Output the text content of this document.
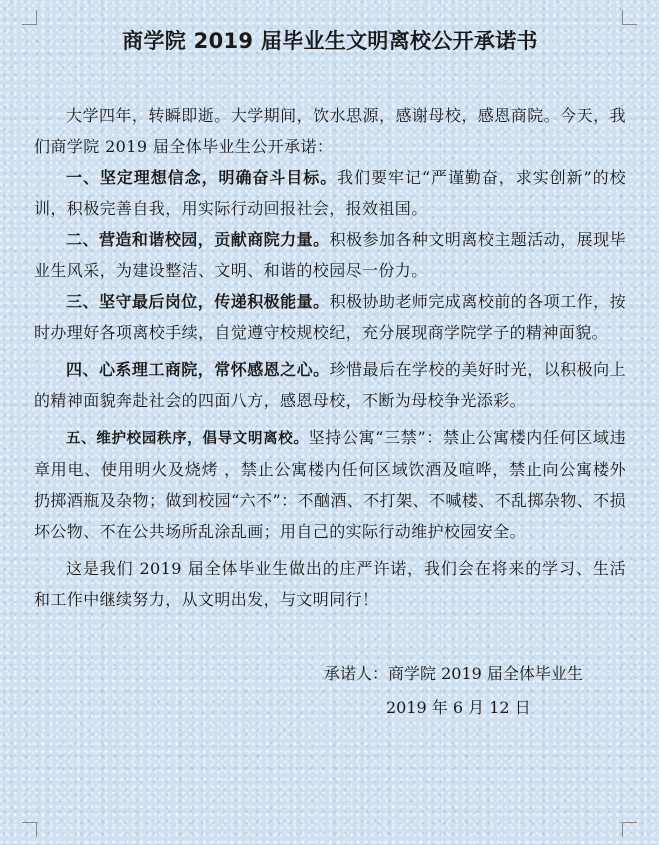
商学院 2019 届毕业生文明离校公开承诺书

大学四年，转瞬即逝。大学期间，饮水思源，感谢母校，感恩商院。今天，我们商学院 2019 届全体毕业生公开承诺：

一、坚定理想信念，明确奋斗目标。我们要牢记“严谨勤奋，求实创新”的校训，积极完善自我，用实际行动回报社会，报效祖国。

二、营造和谐校园，贡献商院力量。积极参加各种文明离校主题活动，展现毕业生风采，为建设整洁、文明、和谐的校园尽一份力。

三、坚守最后岗位，传递积极能量。积极协助老师完成离校前的各项工作，按时办理好各项离校手续，自觉遵守校规校纪，充分展现商学院学子的精神面貌。

四、心系理工商院，常怀感恩之心。珍惜最后在学校的美好时光，以积极向上的精神面貌奔赴社会的四面八方，感恩母校，不断为母校争光添彩。

五、维护校园秩序，倡导文明离校。坚持公寓“三禁”：禁止公寓楼内任何区域违章用电、使用明火及烧烤 ，禁止公寓楼内任何区域饮酒及喧哗，禁止向公寓楼外扔掷酒瓶及杂物；做到校园“六不”：不酗酒、不打架、不喊楼、不乱掷杂物、不损坏公物、不在公共场所乱涂乱画；用自己的实际行动维护校园安全。

这是我们 2019 届全体毕业生做出的庄严许诺，我们会在将来的学习、生活和工作中继续努力，从文明出发，与文明同行！

承诺人：商学院 2019 届全体毕业生
2019 年 6 月 12 日
